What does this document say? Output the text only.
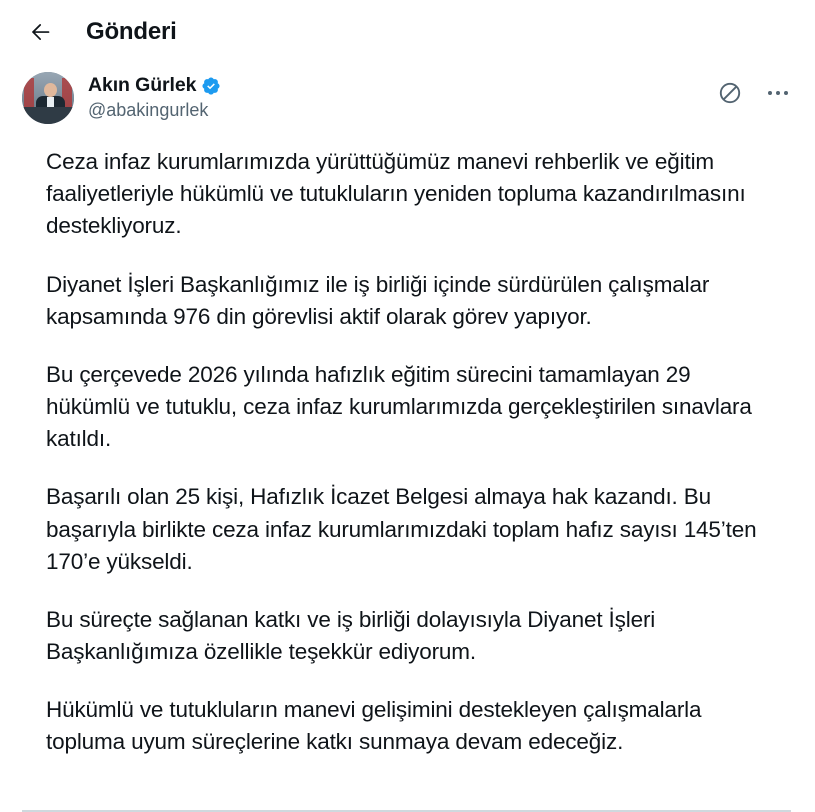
Gönderi
Akın Gürlek
@abakingurlek

Ceza infaz kurumlarımızda yürüttüğümüz manevi rehberlik ve eğitim faaliyetleriyle hükümlü ve tutukluların yeniden topluma kazandırılmasını destekliyoruz.

Diyanet İşleri Başkanlığımız ile iş birliği içinde sürdürülen çalışmalar kapsamında 976 din görevlisi aktif olarak görev yapıyor.

Bu çerçevede 2026 yılında hafızlık eğitim sürecini tamamlayan 29 hükümlü ve tutuklu, ceza infaz kurumlarımızda gerçekleştirilen sınavlara katıldı.

Başarılı olan 25 kişi, Hafızlık İcazet Belgesi almaya hak kazandı. Bu başarıyla birlikte ceza infaz kurumlarımızdaki toplam hafız sayısı 145’ten 170’e yükseldi.

Bu süreçte sağlanan katkı ve iş birliği dolayısıyla Diyanet İşleri Başkanlığımıza özellikle teşekkür ediyorum.

Hükümlü ve tutukluların manevi gelişimini destekleyen çalışmalarla topluma uyum süreçlerine katkı sunmaya devam edeceğiz.
